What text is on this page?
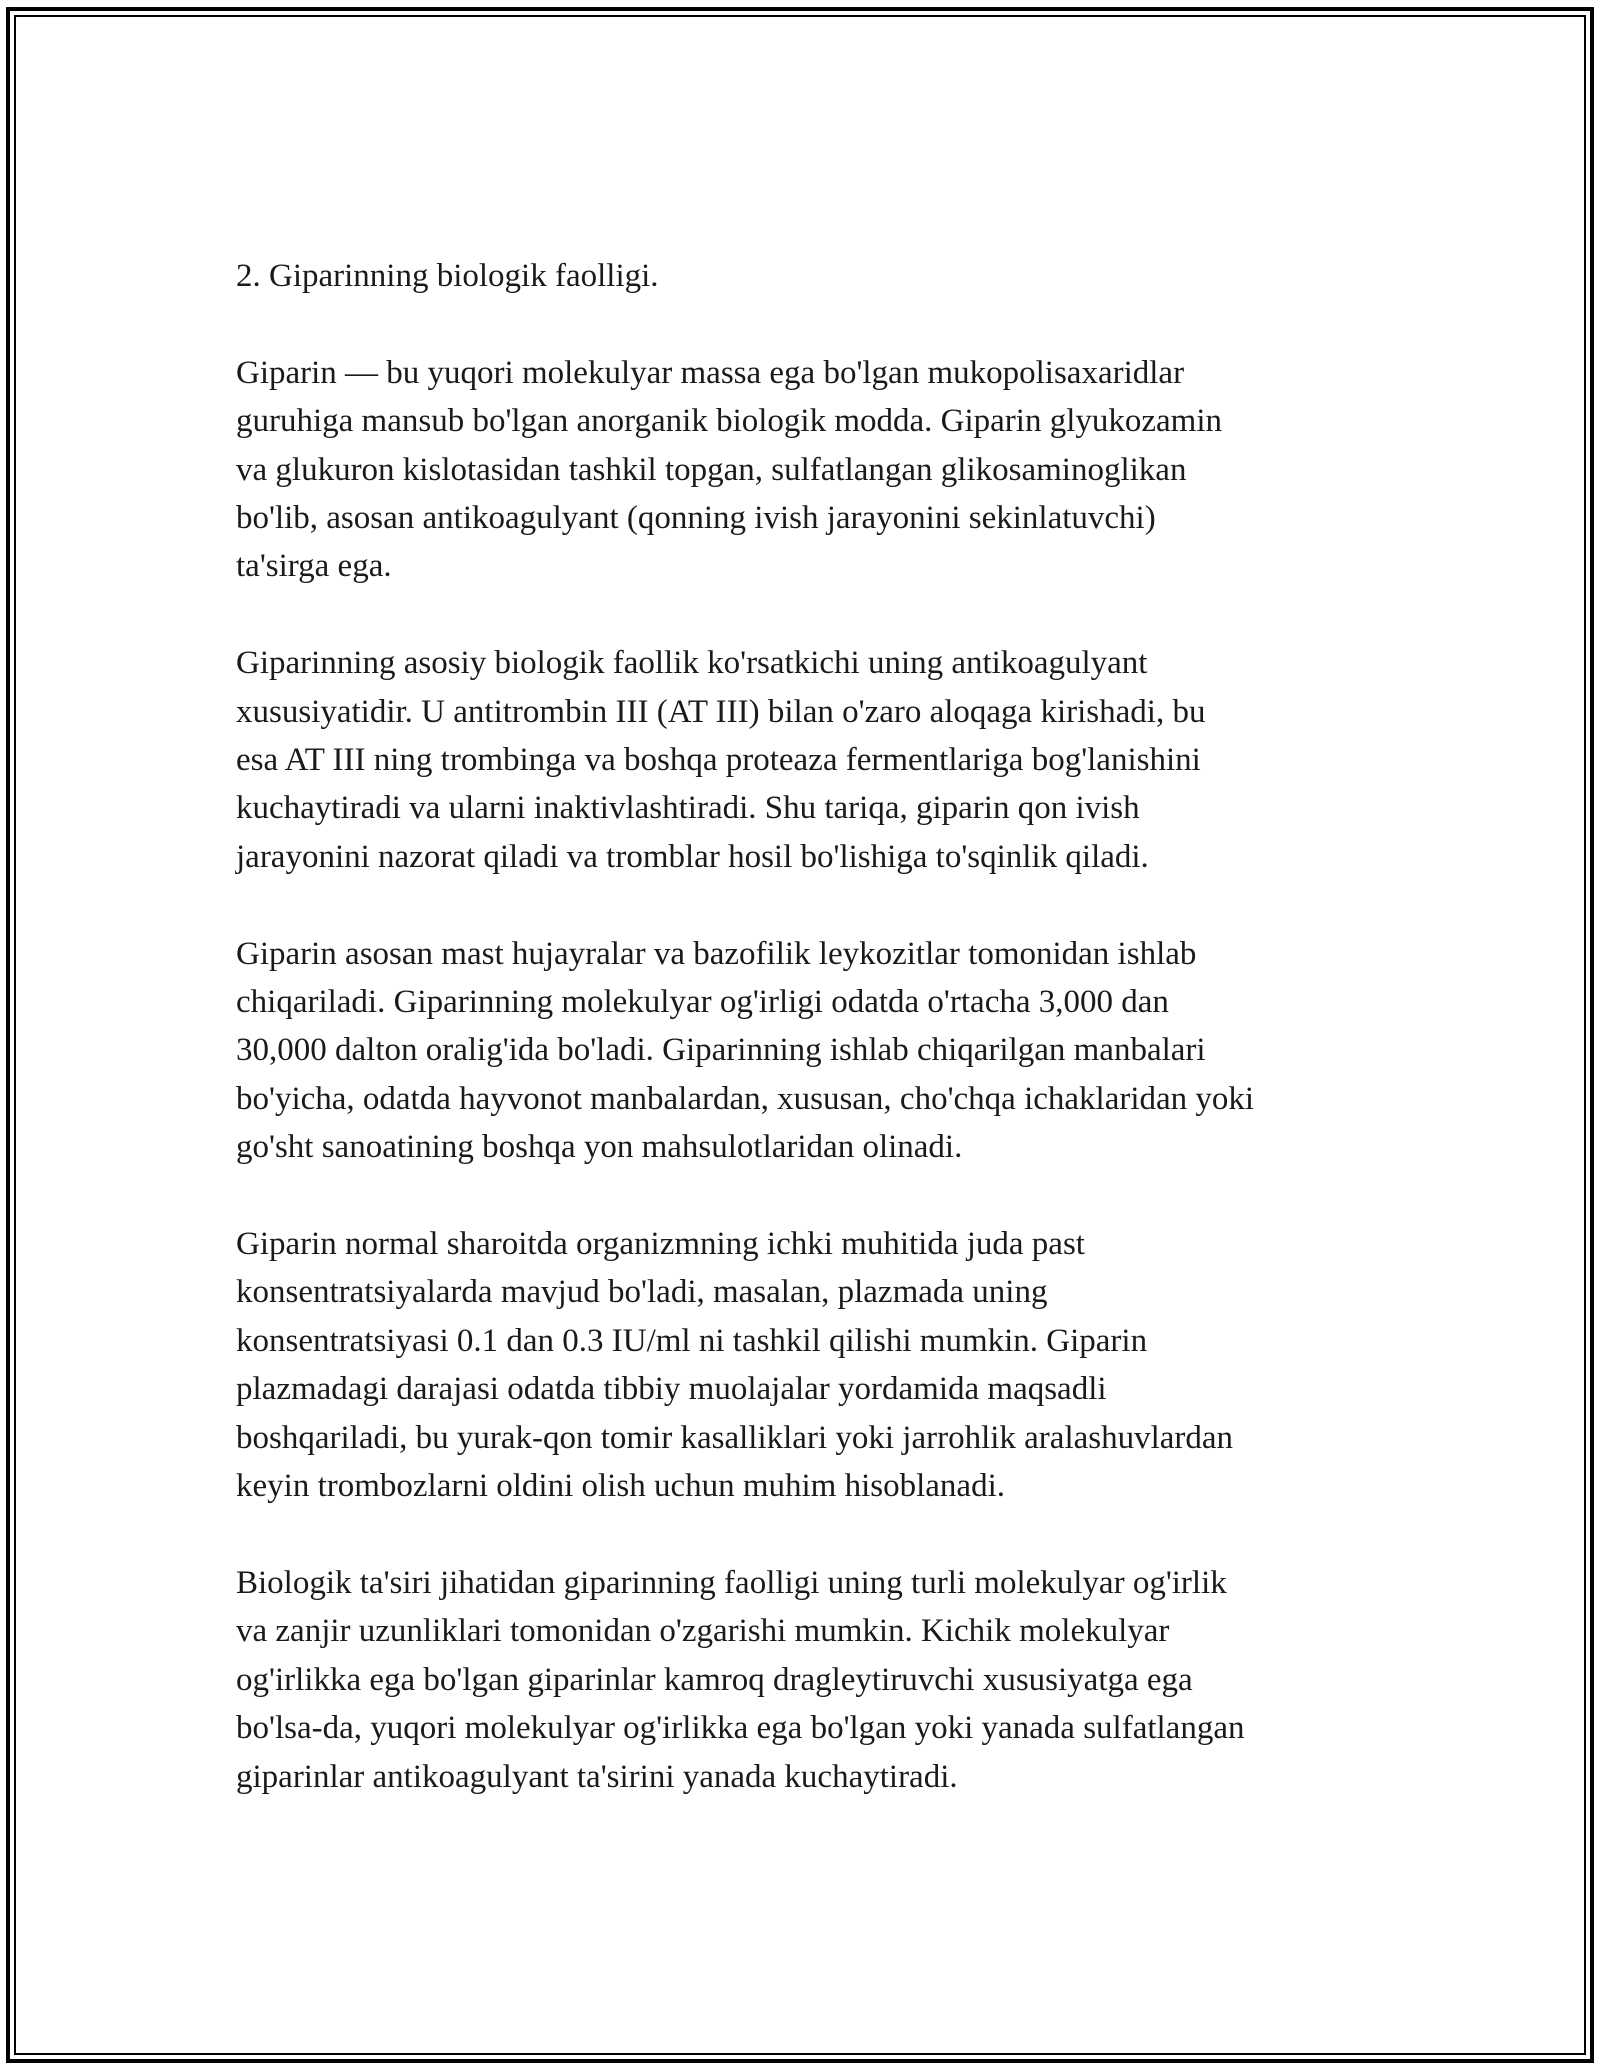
2. Giparinning biologik faolligi.

Giparin — bu yuqori molekulyar massa ega bo'lgan mukopolisaxaridlar
guruhiga mansub bo'lgan anorganik biologik modda. Giparin glyukozamin
va glukuron kislotasidan tashkil topgan, sulfatlangan glikosaminoglikan
bo'lib, asosan antikoagulyant (qonning ivish jarayonini sekinlatuvchi)
ta'sirga ega.

Giparinning asosiy biologik faollik ko'rsatkichi uning antikoagulyant
xususiyatidir. U antitrombin III (AT III) bilan o'zaro aloqaga kirishadi, bu
esa AT III ning trombinga va boshqa proteaza fermentlariga bog'lanishini
kuchaytiradi va ularni inaktivlashtiradi. Shu tariqa, giparin qon ivish
jarayonini nazorat qiladi va tromblar hosil bo'lishiga to'sqinlik qiladi.

Giparin asosan mast hujayralar va bazofilik leykozitlar tomonidan ishlab
chiqariladi. Giparinning molekulyar og'irligi odatda o'rtacha 3,000 dan
30,000 dalton oralig'ida bo'ladi. Giparinning ishlab chiqarilgan manbalari
bo'yicha, odatda hayvonot manbalardan, xususan, cho'chqa ichaklaridan yoki
go'sht sanoatining boshqa yon mahsulotlaridan olinadi.

Giparin normal sharoitda organizmning ichki muhitida juda past
konsentratsiyalarda mavjud bo'ladi, masalan, plazmada uning
konsentratsiyasi 0.1 dan 0.3 IU/ml ni tashkil qilishi mumkin. Giparin
plazmadagi darajasi odatda tibbiy muolajalar yordamida maqsadli
boshqariladi, bu yurak-qon tomir kasalliklari yoki jarrohlik aralashuvlardan
keyin trombozlarni oldini olish uchun muhim hisoblanadi.

Biologik ta'siri jihatidan giparinning faolligi uning turli molekulyar og'irlik
va zanjir uzunliklari tomonidan o'zgarishi mumkin. Kichik molekulyar
og'irlikka ega bo'lgan giparinlar kamroq dragleytiruvchi xususiyatga ega
bo'lsa-da, yuqori molekulyar og'irlikka ega bo'lgan yoki yanada sulfatlangan
giparinlar antikoagulyant ta'sirini yanada kuchaytiradi.
